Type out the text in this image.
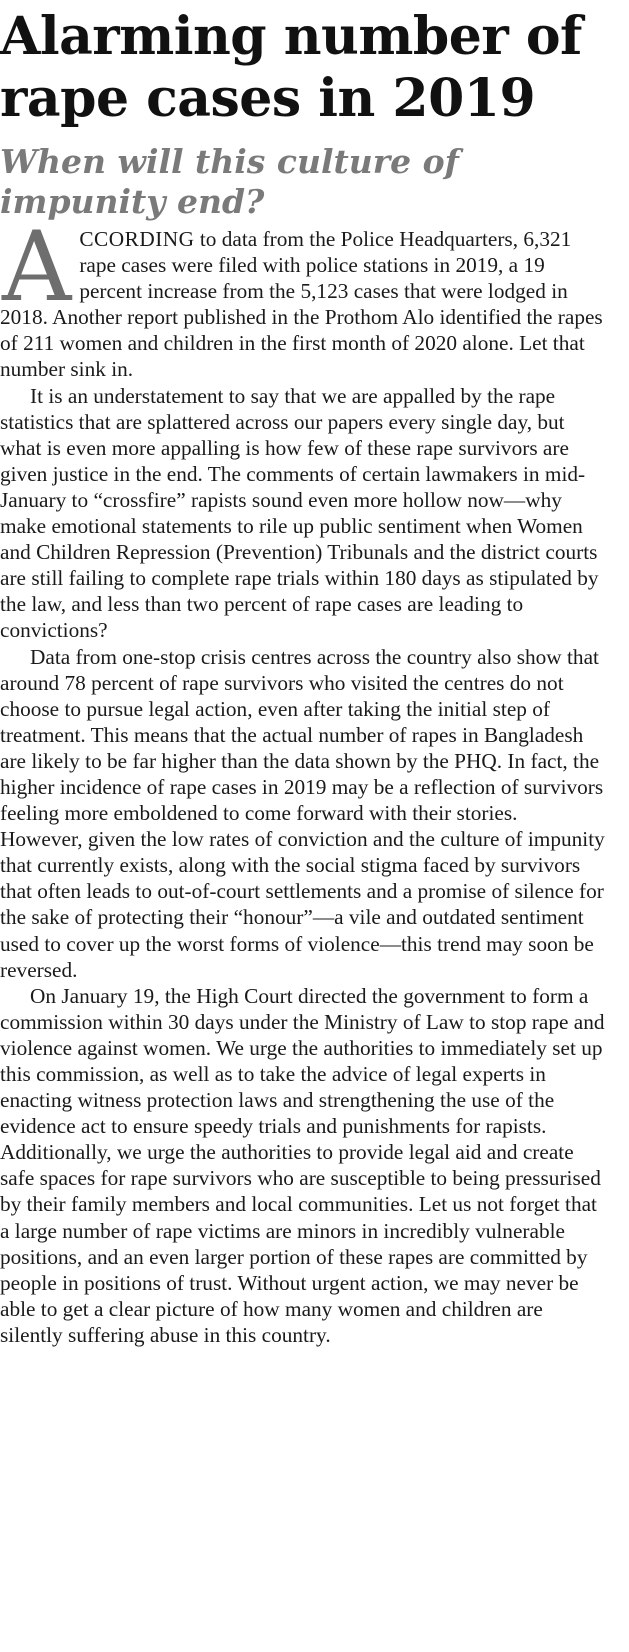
Alarming number of rape cases in 2019
When will this culture of impunity end?

ACCORDING to data from the Police Headquarters, 6,321 rape cases were filed with police stations in 2019, a 19 percent increase from the 5,123 cases that were lodged in 2018. Another report published in the Prothom Alo identified the rapes of 211 women and children in the first month of 2020 alone. Let that number sink in.

It is an understatement to say that we are appalled by the rape statistics that are splattered across our papers every single day, but what is even more appalling is how few of these rape survivors are given justice in the end. The comments of certain lawmakers in mid-January to “crossfire” rapists sound even more hollow now—why make emotional statements to rile up public sentiment when Women and Children Repression (Prevention) Tribunals and the district courts are still failing to complete rape trials within 180 days as stipulated by the law, and less than two percent of rape cases are leading to convictions?

Data from one-stop crisis centres across the country also show that around 78 percent of rape survivors who visited the centres do not choose to pursue legal action, even after taking the initial step of treatment. This means that the actual number of rapes in Bangladesh are likely to be far higher than the data shown by the PHQ. In fact, the higher incidence of rape cases in 2019 may be a reflection of survivors feeling more emboldened to come forward with their stories. However, given the low rates of conviction and the culture of impunity that currently exists, along with the social stigma faced by survivors that often leads to out-of-court settlements and a promise of silence for the sake of protecting their “honour”—a vile and outdated sentiment used to cover up the worst forms of violence—this trend may soon be reversed.

On January 19, the High Court directed the government to form a commission within 30 days under the Ministry of Law to stop rape and violence against women. We urge the authorities to immediately set up this commission, as well as to take the advice of legal experts in enacting witness protection laws and strengthening the use of the evidence act to ensure speedy trials and punishments for rapists. Additionally, we urge the authorities to provide legal aid and create safe spaces for rape survivors who are susceptible to being pressurised by their family members and local communities. Let us not forget that a large number of rape victims are minors in incredibly vulnerable positions, and an even larger portion of these rapes are committed by people in positions of trust. Without urgent action, we may never be able to get a clear picture of how many women and children are silently suffering abuse in this country.
